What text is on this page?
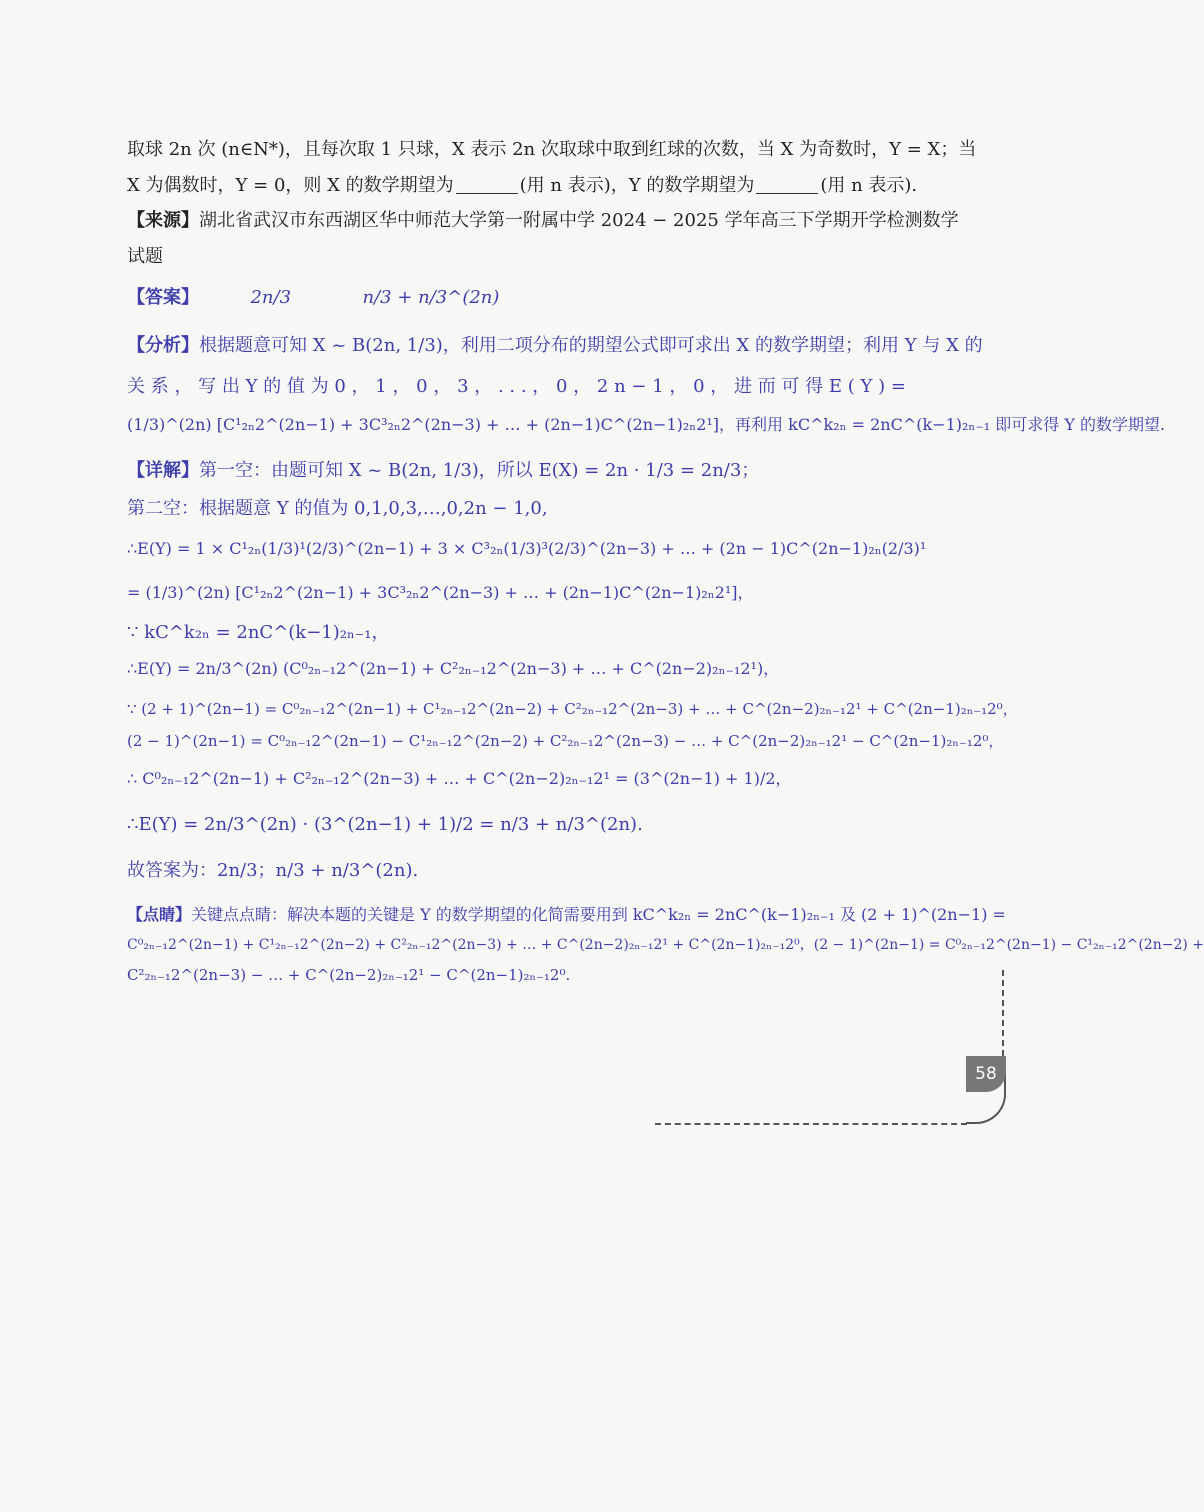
取球 2n 次 (n∈N*)，且每次取 1 只球，X 表示 2n 次取球中取到红球的次数，当 X 为奇数时，Y = X；当
X 为偶数时，Y = 0，则 X 的数学期望为	(用 n 表示)，Y 的数学期望为	(用 n 表示).
【来源】湖北省武汉市东西湖区华中师范大学第一附属中学 2024 − 2025 学年高三下学期开学检测数学
试题
【答案】	2n/3	n/3 + n/3^(2n)
【分析】根据题意可知 X ~ B(2n, 1/3)，利用二项分布的期望公式即可求出 X 的数学期望；利用 Y 与 X 的
关 系 ， 写 出 Y 的 值 为 0 ， 1 ， 0 ， 3 ， . . . ， 0 ， 2 n − 1 ， 0 ， 进 而 可 得 E ( Y ) =
(1/3)^(2n) [C¹₂ₙ2^(2n−1) + 3C³₂ₙ2^(2n−3) + … + (2n−1)C^(2n−1)₂ₙ2¹]，再利用 kC^k₂ₙ = 2nC^(k−1)₂ₙ₋₁ 即可求得 Y 的数学期望.
【详解】第一空：由题可知 X ~ B(2n, 1/3)，所以 E(X) = 2n · 1/3 = 2n/3；
第二空：根据题意 Y 的值为 0,1,0,3,…,0,2n − 1,0,
∴E(Y) = 1 × C¹₂ₙ(1/3)¹(2/3)^(2n−1) + 3 × C³₂ₙ(1/3)³(2/3)^(2n−3) + … + (2n − 1)C^(2n−1)₂ₙ(2/3)¹
= (1/3)^(2n) [C¹₂ₙ2^(2n−1) + 3C³₂ₙ2^(2n−3) + … + (2n−1)C^(2n−1)₂ₙ2¹]，
∵ kC^k₂ₙ = 2nC^(k−1)₂ₙ₋₁，
∴E(Y) = 2n/3^(2n) (C⁰₂ₙ₋₁2^(2n−1) + C²₂ₙ₋₁2^(2n−3) + … + C^(2n−2)₂ₙ₋₁2¹)，
∵ (2 + 1)^(2n−1) = C⁰₂ₙ₋₁2^(2n−1) + C¹₂ₙ₋₁2^(2n−2) + C²₂ₙ₋₁2^(2n−3) + … + C^(2n−2)₂ₙ₋₁2¹ + C^(2n−1)₂ₙ₋₁2⁰，
(2 − 1)^(2n−1) = C⁰₂ₙ₋₁2^(2n−1) − C¹₂ₙ₋₁2^(2n−2) + C²₂ₙ₋₁2^(2n−3) − … + C^(2n−2)₂ₙ₋₁2¹ − C^(2n−1)₂ₙ₋₁2⁰，
∴ C⁰₂ₙ₋₁2^(2n−1) + C²₂ₙ₋₁2^(2n−3) + … + C^(2n−2)₂ₙ₋₁2¹ = (3^(2n−1) + 1)/2，
∴E(Y) = 2n/3^(2n) · (3^(2n−1) + 1)/2 = n/3 + n/3^(2n).
故答案为：2n/3；n/3 + n/3^(2n).
【点睛】关键点点睛：解决本题的关键是 Y 的数学期望的化简需要用到 kC^k₂ₙ = 2nC^(k−1)₂ₙ₋₁ 及 (2 + 1)^(2n−1) =
C⁰₂ₙ₋₁2^(2n−1) + C¹₂ₙ₋₁2^(2n−2) + C²₂ₙ₋₁2^(2n−3) + … + C^(2n−2)₂ₙ₋₁2¹ + C^(2n−1)₂ₙ₋₁2⁰，(2 − 1)^(2n−1) = C⁰₂ₙ₋₁2^(2n−1) − C¹₂ₙ₋₁2^(2n−2) +
C²₂ₙ₋₁2^(2n−3) − … + C^(2n−2)₂ₙ₋₁2¹ − C^(2n−1)₂ₙ₋₁2⁰.
58
